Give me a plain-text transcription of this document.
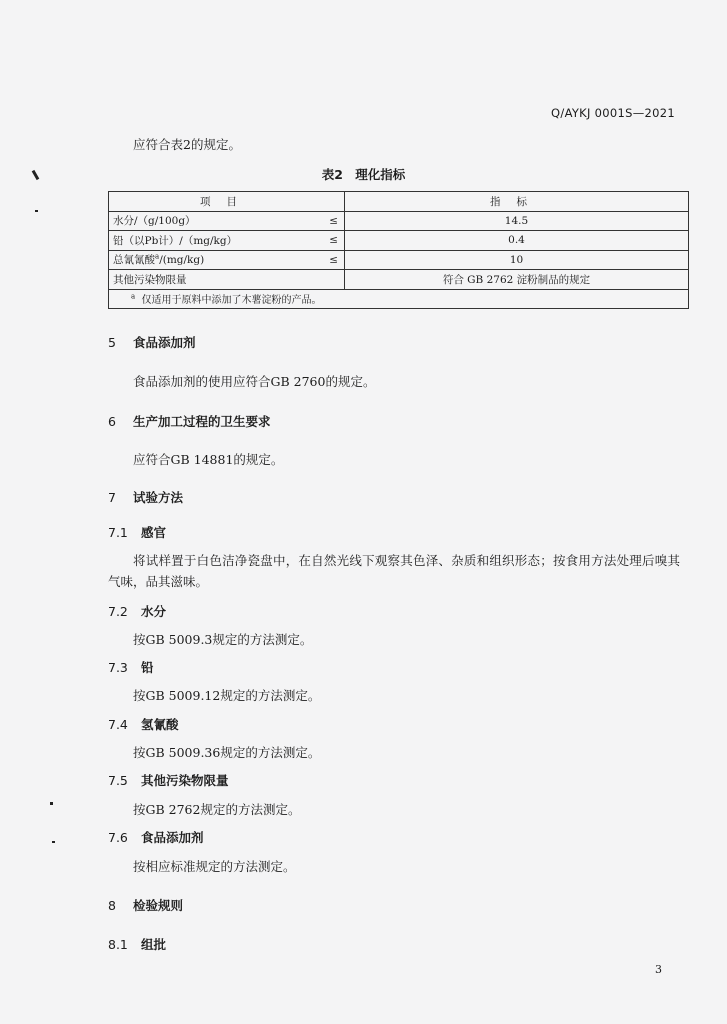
Q/AYKJ 0001S—2021
应符合表2的规定。
表2 理化指标
项目		指标
水分/（g/100g）	≤	14.5
铅（以Pb计）/（mg/kg）	≤	0.4
总氰氰酸$^a$/(mg/kg)	≤	10
其他污染物限量		符合 GB 2762 淀粉制品的规定
$^a$ 仅适用于原料中添加了木薯淀粉的产品。		
5 食品添加剂
食品添加剂的使用应符合GB 2760的规定。
6 生产加工过程的卫生要求
应符合GB 14881的规定。
7 试验方法
7.1 感官
将试样置于白色洁净瓷盘中，在自然光线下观察其色泽、杂质和组织形态；按食用方法处理后嗅其气味，品其滋味。
7.2 水分
按GB 5009.3规定的方法测定。
7.3 铅
按GB 5009.12规定的方法测定。
7.4 氢氰酸
按GB 5009.36规定的方法测定。
7.5 其他污染物限量
按GB 2762规定的方法测定。
7.6 食品添加剂
按相应标准规定的方法测定。
8 检验规则
8.1 组批
3
